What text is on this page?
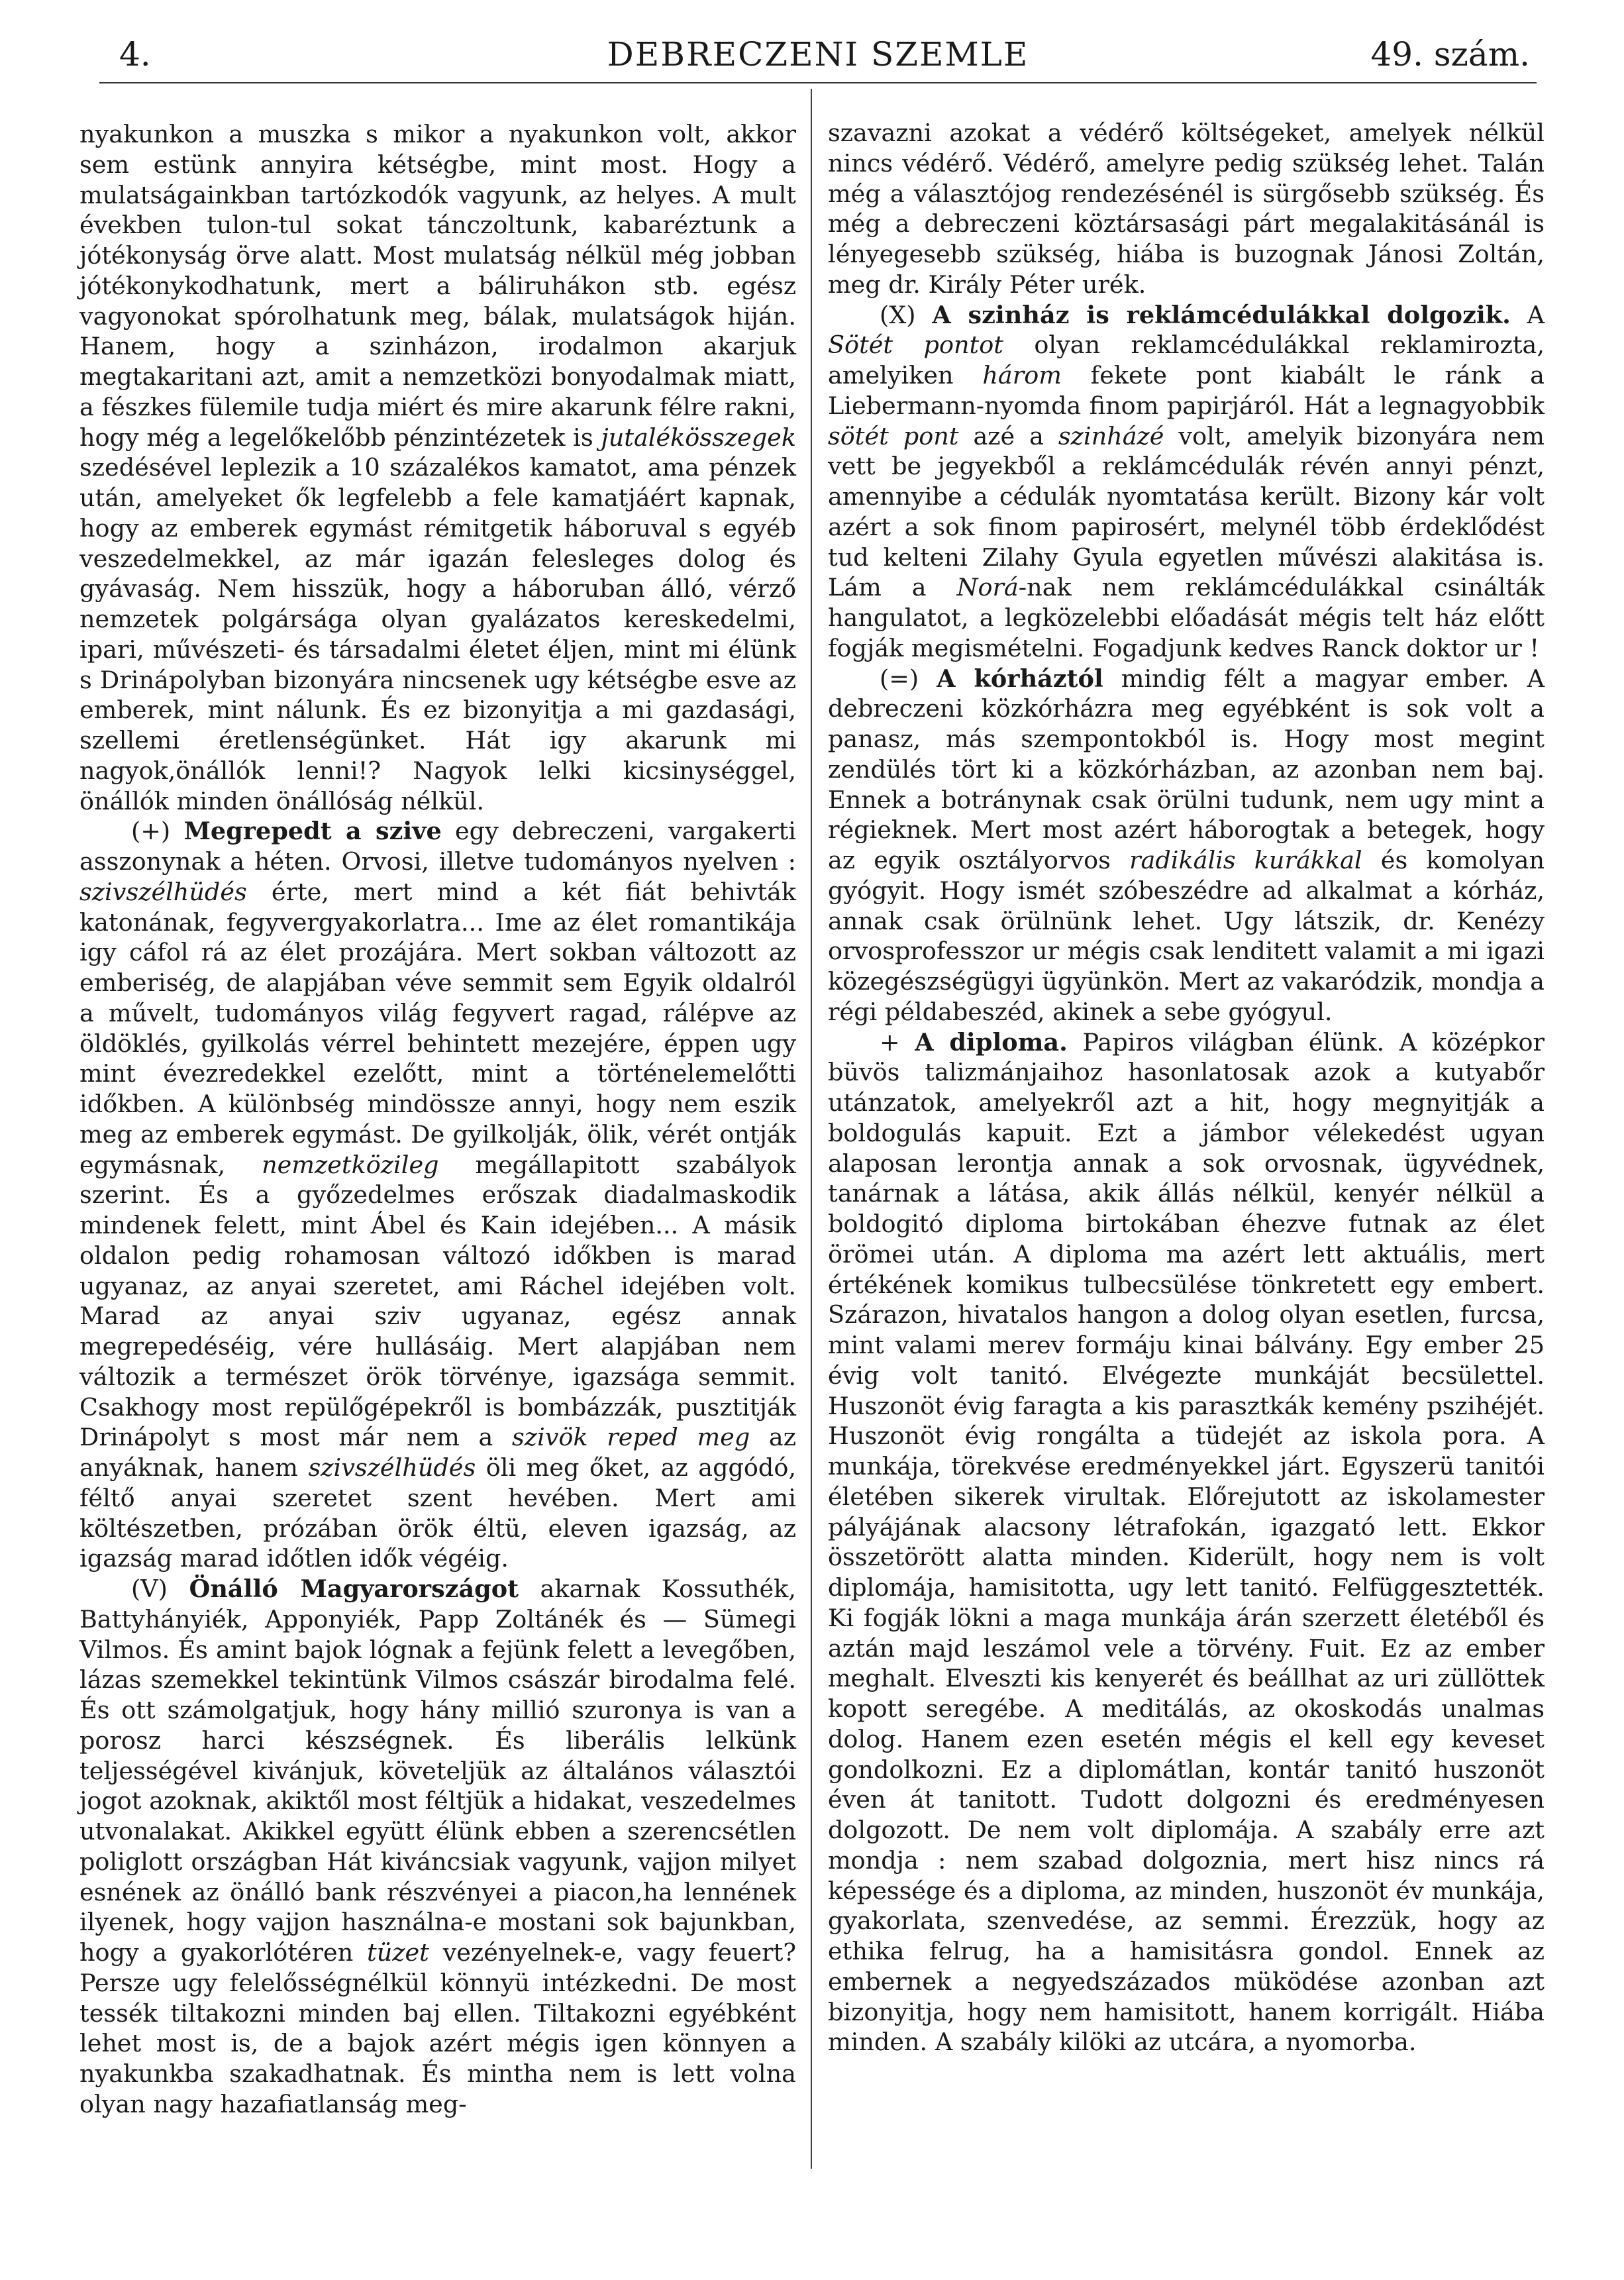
4.	DEBRECZENI SZEMLE	49. szám.

nyakunkon a muszka s mikor a nyakunkon volt, akkor sem estünk annyira kétségbe, mint most. Hogy a mulatságainkban tartózkodók vagyunk, az helyes. A mult években tulon-tul sokat tánczoltunk, kabaréztunk a jótékonyság örve alatt. Most mulatság nélkül még jobban jótékonykodhatunk, mert a báliruhákon stb. egész vagyonokat spórolhatunk meg, bálak, mulatságok hiján. Hanem, hogy a szinházon, irodalmon akarjuk megtakaritani azt, amit a nemzetközi bonyodalmak miatt, a fészkes fülemile tudja miért és mire akarunk félre rakni, hogy még a legelőkelőbb pénzintézetek is jutalékösszegek szedésével leplezik a 10 százalékos kamatot, ama pénzek után, amelyeket ők legfelebb a fele kamatjáért kapnak, hogy az emberek egymást rémitgetik háboruval s egyéb veszedelmekkel, az már igazán felesleges dolog és gyávaság. Nem hisszük, hogy a háboruban álló, vérző nemzetek polgársága olyan gyalázatos kereskedelmi, ipari, művészeti- és társadalmi életet éljen, mint mi élünk s Drinápolyban bizonyára nincsenek ugy kétségbe esve az emberek, mint nálunk. És ez bizonyitja a mi gazdasági, szellemi éretlenségünket. Hát igy akarunk mi nagyok,önállók lenni!? Nagyok lelki kicsinységgel, önállók minden önállóság nélkül.

(+) Megrepedt a szive egy debreczeni, vargakerti asszonynak a héten. Orvosi, illetve tudományos nyelven : szivszélhüdés érte, mert mind a két fiát behivták katonának, fegyvergyakorlatra... Ime az élet romantikája igy cáfol rá az élet prozájára. Mert sokban változott az emberiség, de alapjában véve semmit sem Egyik oldalról a művelt, tudományos világ fegyvert ragad, rálépve az öldöklés, gyilkolás vérrel behintett mezejére, éppen ugy mint évezredekkel ezelőtt, mint a történelemelőtti időkben. A különbség mindössze annyi, hogy nem eszik meg az emberek egymást. De gyilkolják, ölik, vérét ontják egymásnak, nemzetközileg megállapitott szabályok szerint. És a győzedelmes erőszak diadalmaskodik mindenek felett, mint Ábel és Kain idejében... A másik oldalon pedig rohamosan változó időkben is marad ugyanaz, az anyai szeretet, ami Ráchel idejében volt. Marad az anyai sziv ugyanaz, egész annak megrepedéséig, vére hullásáig. Mert alapjában nem változik a természet örök törvénye, igazsága semmit. Csakhogy most repülőgépekről is bombázzák, pusztitják Drinápolyt s most már nem a szivök reped meg az anyáknak, hanem szivszélhüdés öli meg őket, az aggódó, féltő anyai szeretet szent hevében. Mert ami költészetben, prózában örök éltü, eleven igazság, az igazság marad időtlen idők végéig.

(V) Önálló Magyarországot akarnak Kossuthék, Battyhányiék, Apponyiék, Papp Zoltánék és — Sümegi Vilmos. És amint bajok lógnak a fejünk felett a levegőben, lázas szemekkel tekintünk Vilmos császár birodalma felé. És ott számolgatjuk, hogy hány millió szuronya is van a porosz harci készségnek. És liberális lelkünk teljességével kivánjuk, követeljük az általános választói jogot azoknak, akiktől most féltjük a hidakat, veszedelmes utvonalakat. Akikkel együtt élünk ebben a szerencsétlen poliglott országban Hát kiváncsiak vagyunk, vajjon milyet esnének az önálló bank részvényei a piacon,ha lennének ilyenek, hogy vajjon használna-e mostani sok bajunkban, hogy a gyakorlótéren tüzet vezényelnek-e, vagy feuert? Persze ugy felelősségnélkül könnyü intézkedni. De most tessék tiltakozni minden baj ellen. Tiltakozni egyébként lehet most is, de a bajok azért mégis igen könnyen a nyakunkba szakadhatnak. És mintha nem is lett volna olyan nagy hazafiatlanság meg-

szavazni azokat a védérő költségeket, amelyek nélkül nincs védérő. Védérő, amelyre pedig szükség lehet. Talán még a választójog rendezésénél is sürgősebb szükség. És még a debreczeni köztársasági párt megalakitásánál is lényegesebb szükség, hiába is buzognak Jánosi Zoltán, meg dr. Király Péter urék.

(X) A szinház is reklámcédulákkal dolgozik. A Sötét pontot olyan reklamcédulákkal reklamirozta, amelyiken három fekete pont kiabált le ránk a Liebermann-nyomda finom papirjáról. Hát a legnagyobbik sötét pont azé a szinházé volt, amelyik bizonyára nem vett be jegyekből a reklámcédulák révén annyi pénzt, amennyibe a cédulák nyomtatása került. Bizony kár volt azért a sok finom papirosért, melynél több érdeklődést tud kelteni Zilahy Gyula egyetlen művészi alakitása is. Lám a Norá-nak nem reklámcédulákkal csinálták hangulatot, a legközelebbi előadását mégis telt ház előtt fogják megismételni. Fogadjunk kedves Ranck doktor ur !

(=) A kórháztól mindig félt a magyar ember. A debreczeni közkórházra meg egyébként is sok volt a panasz, más szempontokból is. Hogy most megint zendülés tört ki a közkórházban, az azonban nem baj. Ennek a botránynak csak örülni tudunk, nem ugy mint a régieknek. Mert most azért háborogtak a betegek, hogy az egyik osztályorvos radikális kurákkal és komolyan gyógyit. Hogy ismét szóbeszédre ad alkalmat a kórház, annak csak örülnünk lehet. Ugy látszik, dr. Kenézy orvosprofesszor ur mégis csak lenditett valamit a mi igazi közegészségügyi ügyünkön. Mert az vakaródzik, mondja a régi példabeszéd, akinek a sebe gyógyul.

+ A diploma. Papiros világban élünk. A középkor büvös talizmánjaihoz hasonlatosak azok a kutyabőr utánzatok, amelyekről azt a hit, hogy megnyitják a boldogulás kapuit. Ezt a jámbor vélekedést ugyan alaposan lerontja annak a sok orvosnak, ügyvédnek, tanárnak a látása, akik állás nélkül, kenyér nélkül a boldogitó diploma birtokában éhezve futnak az élet örömei után. A diploma ma azért lett aktuális, mert értékének komikus tulbecsülése tönkretett egy embert. Szárazon, hivatalos hangon a dolog olyan esetlen, furcsa, mint valami merev formáju kinai bálvány. Egy ember 25 évig volt tanitó. Elvégezte munkáját becsülettel. Huszonöt évig faragta a kis parasztkák kemény pszihéjét. Huszonöt évig rongálta a tüdejét az iskola pora. A munkája, törekvése eredményekkel járt. Egyszerü tanitói életében sikerek virultak. Előrejutott az iskolamester pályájának alacsony létrafokán, igazgató lett. Ekkor összetörött alatta minden. Kiderült, hogy nem is volt diplomája, hamisitotta, ugy lett tanitó. Felfüggesztették. Ki fogják lökni a maga munkája árán szerzett életéből és aztán majd leszámol vele a törvény. Fuit. Ez az ember meghalt. Elveszti kis kenyerét és beállhat az uri züllöttek kopott seregébe. A meditálás, az okoskodás unalmas dolog. Hanem ezen esetén mégis el kell egy keveset gondolkozni. Ez a diplomátlan, kontár tanitó huszonöt éven át tanitott. Tudott dolgozni és eredményesen dolgozott. De nem volt diplomája. A szabály erre azt mondja : nem szabad dolgoznia, mert hisz nincs rá képessége és a diploma, az minden, huszonöt év munkája, gyakorlata, szenvedése, az semmi. Érezzük, hogy az ethika felrug, ha a hamisitásra gondol. Ennek az embernek a negyedszázados müködése azonban azt bizonyitja, hogy nem hamisitott, hanem korrigált. Hiába minden. A szabály kilöki az utcára, a nyomorba.
